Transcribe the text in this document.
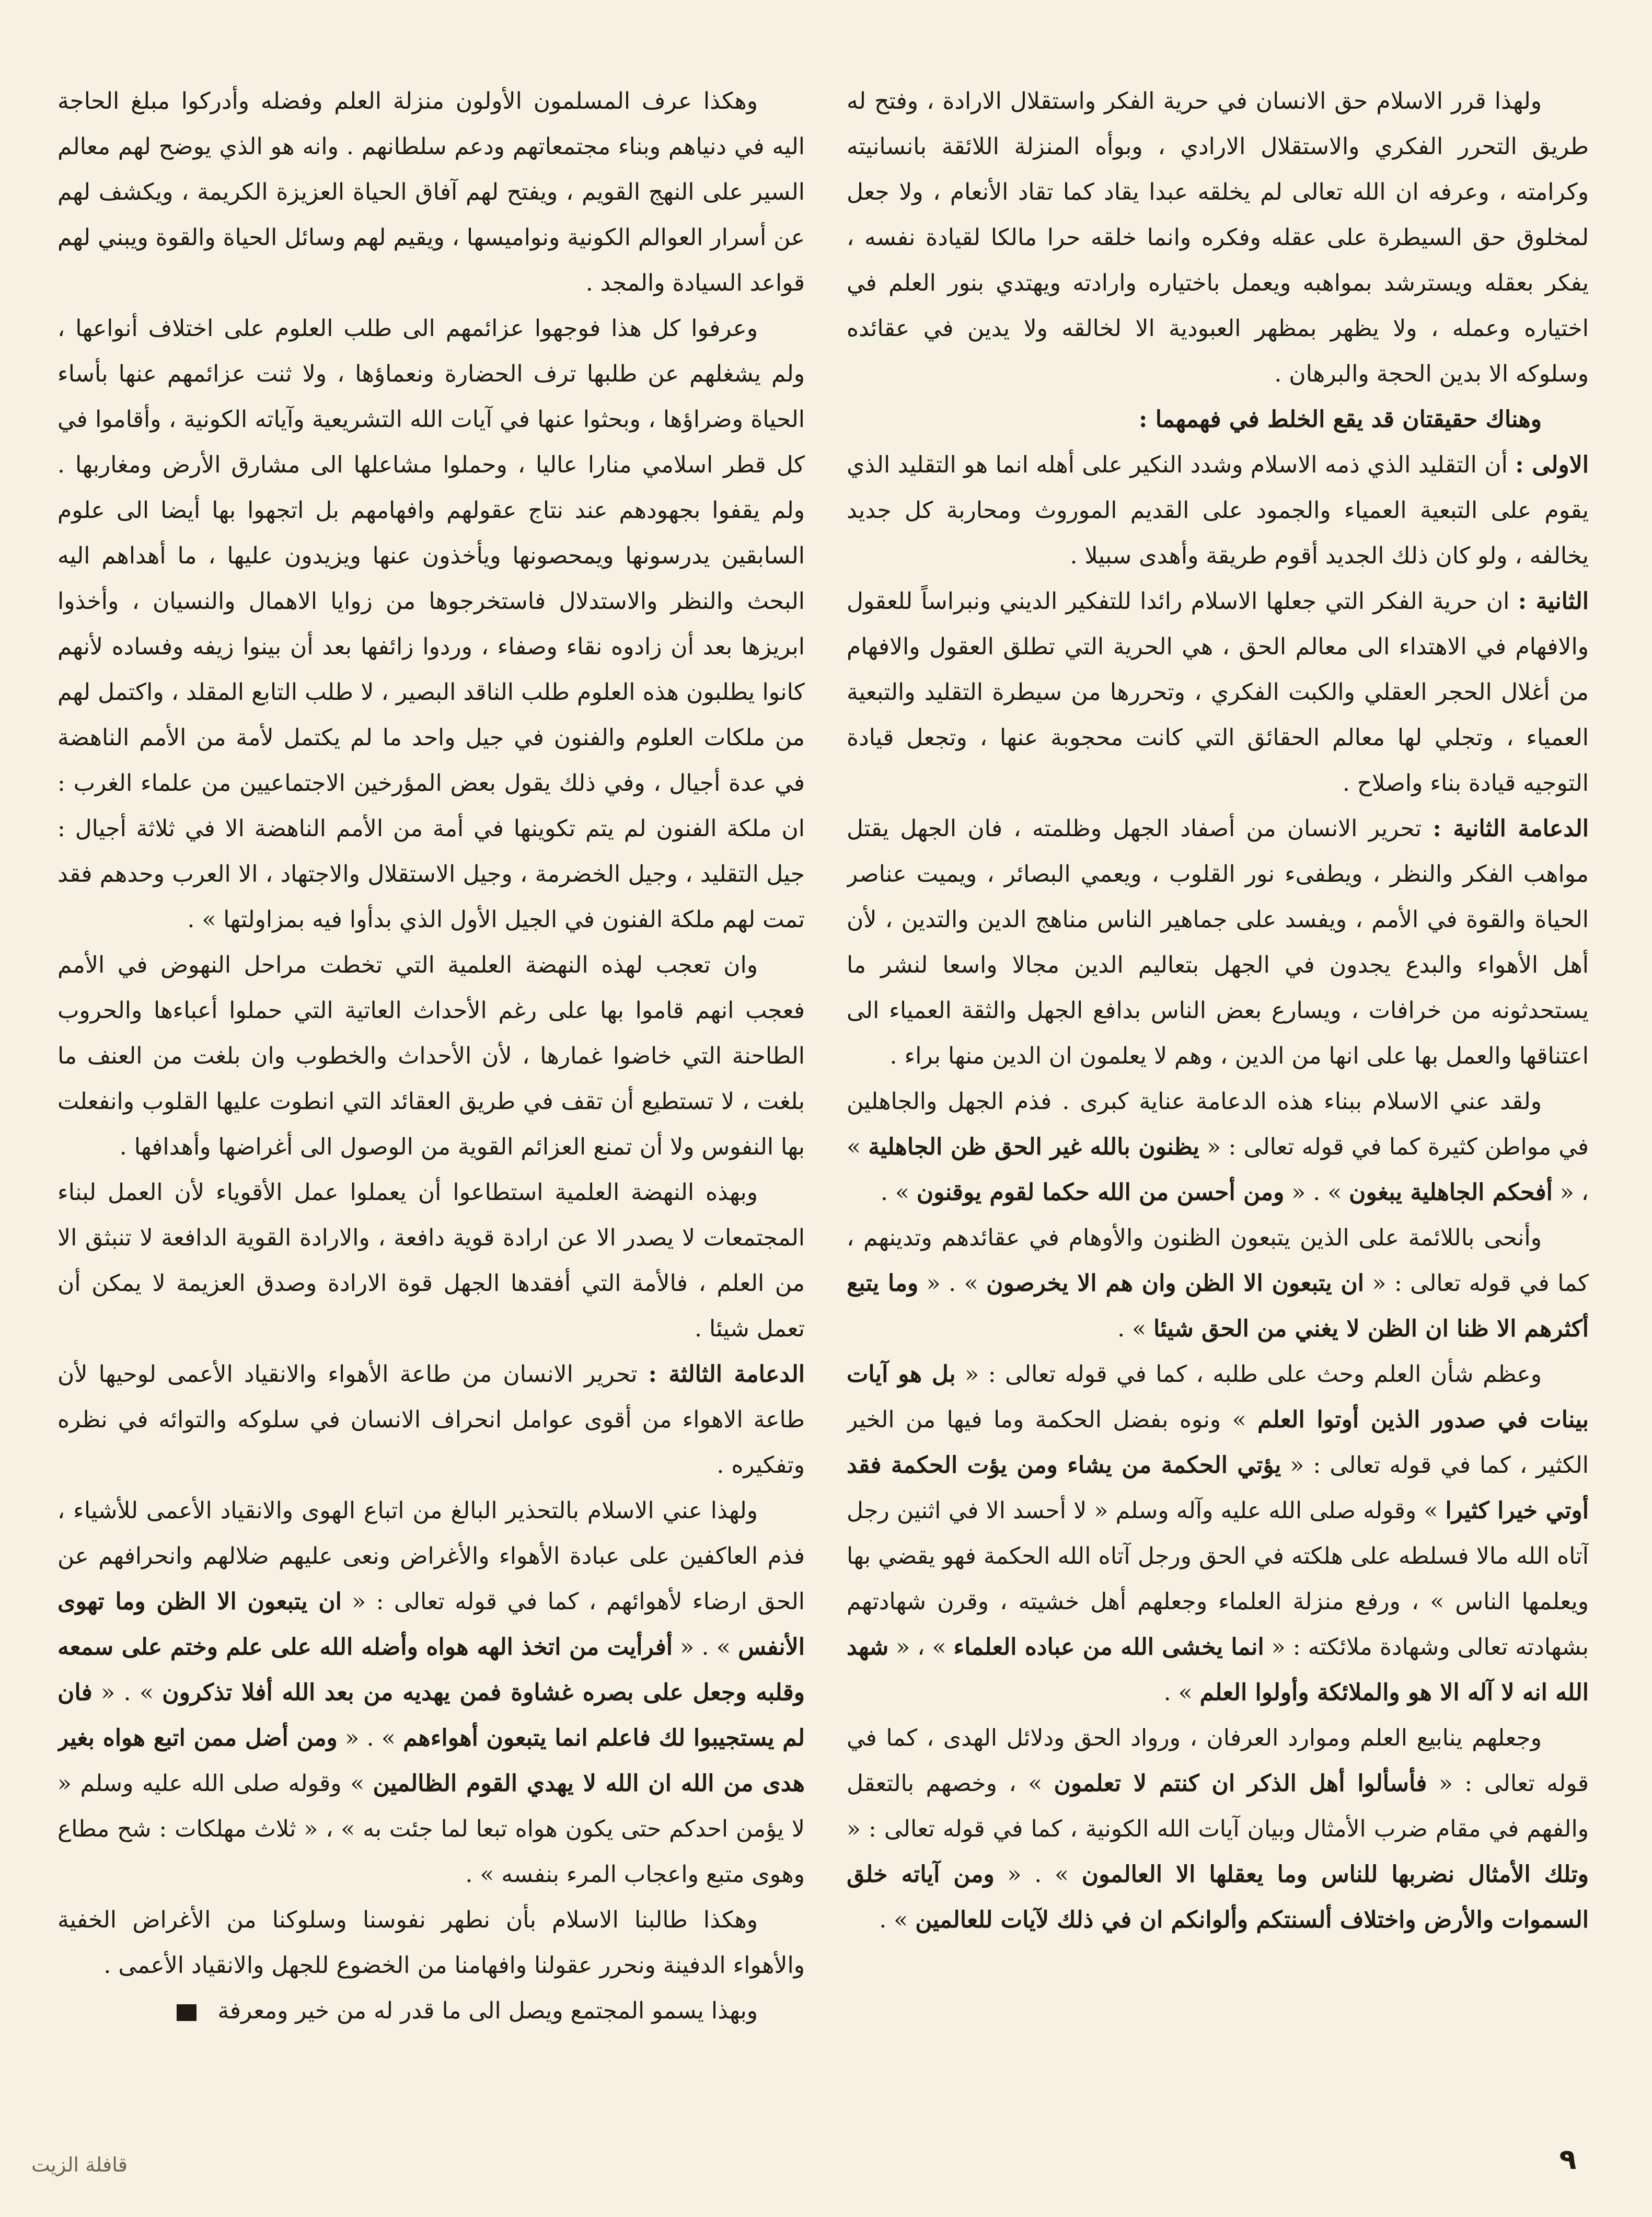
ولهذا قرر الاسلام حق الانسان في حرية الفكر واستقلال الارادة ، وفتح له طريق التحرر الفكري والاستقلال الارادي ، وبوأه المنزلة اللائقة بانسانيته وكرامته ، وعرفه ان الله تعالى لم يخلقه عبدا يقاد كما تقاد الأنعام ، ولا جعل لمخلوق حق السيطرة على عقله وفكره وانما خلقه حرا مالكا لقيادة نفسه ، يفكر بعقله ويسترشد بمواهبه ويعمل باختياره وارادته ويهتدي بنور العلم في اختياره وعمله ، ولا يظهر بمظهر العبودية الا لخالقه ولا يدين في عقائده وسلوكه الا بدين الحجة والبرهان .

وهناك حقيقتان قد يقع الخلط في فهمهما :

الاولى : أن التقليد الذي ذمه الاسلام وشدد النكير على أهله انما هو التقليد الذي يقوم على التبعية العمياء والجمود على القديم الموروث ومحاربة كل جديد يخالفه ، ولو كان ذلك الجديد أقوم طريقة وأهدى سبيلا .

الثانية : ان حرية الفكر التي جعلها الاسلام رائدا للتفكير الديني ونبراساً للعقول والافهام في الاهتداء الى معالم الحق ، هي الحرية التي تطلق العقول والافهام من أغلال الحجر العقلي والكبت الفكري ، وتحررها من سيطرة التقليد والتبعية العمياء ، وتجلي لها معالم الحقائق التي كانت محجوبة عنها ، وتجعل قيادة التوجيه قيادة بناء واصلاح .

الدعامة الثانية : تحرير الانسان من أصفاد الجهل وظلمته ، فان الجهل يقتل مواهب الفكر والنظر ، ويطفىء نور القلوب ، ويعمي البصائر ، ويميت عناصر الحياة والقوة في الأمم ، ويفسد على جماهير الناس مناهج الدين والتدين ، لأن أهل الأهواء والبدع يجدون في الجهل بتعاليم الدين مجالا واسعا لنشر ما يستحدثونه من خرافات ، ويسارع بعض الناس بدافع الجهل والثقة العمياء الى اعتناقها والعمل بها على انها من الدين ، وهم لا يعلمون ان الدين منها براء .

ولقد عني الاسلام ببناء هذه الدعامة عناية كبرى . فذم الجهل والجاهلين في مواطن كثيرة كما في قوله تعالى : « يظنون بالله غير الحق ظن الجاهلية » ، « أفحكم الجاهلية يبغون » . « ومن أحسن من الله حكما لقوم يوقنون » .

وأنحى باللائمة على الذين يتبعون الظنون والأوهام في عقائدهم وتدينهم ، كما في قوله تعالى : « ان يتبعون الا الظن وان هم الا يخرصون » . « وما يتبع أكثرهم الا ظنا ان الظن لا يغني من الحق شيئا » .

وعظم شأن العلم وحث على طلبه ، كما في قوله تعالى : « بل هو آيات بينات في صدور الذين أوتوا العلم » ونوه بفضل الحكمة وما فيها من الخير الكثير ، كما في قوله تعالى : « يؤتي الحكمة من يشاء ومن يؤت الحكمة فقد أوتي خيرا كثيرا » وقوله صلى الله عليه وآله وسلم « لا أحسد الا في اثنين رجل آتاه الله مالا فسلطه على هلكته في الحق ورجل آتاه الله الحكمة فهو يقضي بها ويعلمها الناس » ، ورفع منزلة العلماء وجعلهم أهل خشيته ، وقرن شهادتهم بشهادته تعالى وشهادة ملائكته : « انما يخشى الله من عباده العلماء » ، « شهد الله انه لا آله الا هو والملائكة وأولوا العلم » .

وجعلهم ينابيع العلم وموارد العرفان ، ورواد الحق ودلائل الهدى ، كما في قوله تعالى : « فأسألوا أهل الذكر ان كنتم لا تعلمون » ، وخصهم بالتعقل والفهم في مقام ضرب الأمثال وبيان آيات الله الكونية ، كما في قوله تعالى : « وتلك الأمثال نضربها للناس وما يعقلها الا العالمون » . « ومن آياته خلق السموات والأرض واختلاف ألسنتكم وألوانكم ان في ذلك لآيات للعالمين » .

وهكذا عرف المسلمون الأولون منزلة العلم وفضله وأدركوا مبلغ الحاجة اليه في دنياهم وبناء مجتمعاتهم ودعم سلطانهم . وانه هو الذي يوضح لهم معالم السير على النهج القويم ، ويفتح لهم آفاق الحياة العزيزة الكريمة ، ويكشف لهم عن أسرار العوالم الكونية ونواميسها ، ويقيم لهم وسائل الحياة والقوة ويبني لهم قواعد السيادة والمجد .

وعرفوا كل هذا فوجهوا عزائمهم الى طلب العلوم على اختلاف أنواعها ، ولم يشغلهم عن طلبها ترف الحضارة ونعماؤها ، ولا ثنت عزائمهم عنها بأساء الحياة وضراؤها ، وبحثوا عنها في آيات الله التشريعية وآياته الكونية ، وأقاموا في كل قطر اسلامي منارا عاليا ، وحملوا مشاعلها الى مشارق الأرض ومغاربها . ولم يقفوا بجهودهم عند نتاج عقولهم وافهامهم بل اتجهوا بها أيضا الى علوم السابقين يدرسونها ويمحصونها ويأخذون عنها ويزيدون عليها ، ما أهداهم اليه البحث والنظر والاستدلال فاستخرجوها من زوايا الاهمال والنسيان ، وأخذوا ابريزها بعد أن زادوه نقاء وصفاء ، وردوا زائفها بعد أن بينوا زيفه وفساده لأنهم كانوا يطلبون هذه العلوم طلب الناقد البصير ، لا طلب التابع المقلد ، واكتمل لهم من ملكات العلوم والفنون في جيل واحد ما لم يكتمل لأمة من الأمم الناهضة في عدة أجيال ، وفي ذلك يقول بعض المؤرخين الاجتماعيين من علماء الغرب : ان ملكة الفنون لم يتم تكوينها في أمة من الأمم الناهضة الا في ثلاثة أجيال : جيل التقليد ، وجيل الخضرمة ، وجيل الاستقلال والاجتهاد ، الا العرب وحدهم فقد تمت لهم ملكة الفنون في الجيل الأول الذي بدأوا فيه بمزاولتها » .

وان تعجب لهذه النهضة العلمية التي تخطت مراحل النهوض في الأمم فعجب انهم قاموا بها على رغم الأحداث العاتية التي حملوا أعباءها والحروب الطاحنة التي خاضوا غمارها ، لأن الأحداث والخطوب وان بلغت من العنف ما بلغت ، لا تستطيع أن تقف في طريق العقائد التي انطوت عليها القلوب وانفعلت بها النفوس ولا أن تمنع العزائم القوية من الوصول الى أغراضها وأهدافها .

وبهذه النهضة العلمية استطاعوا أن يعملوا عمل الأقوياء لأن العمل لبناء المجتمعات لا يصدر الا عن ارادة قوية دافعة ، والارادة القوية الدافعة لا تنبثق الا من العلم ، فالأمة التي أفقدها الجهل قوة الارادة وصدق العزيمة لا يمكن أن تعمل شيئا .

الدعامة الثالثة : تحرير الانسان من طاعة الأهواء والانقياد الأعمى لوحيها لأن طاعة الاهواء من أقوى عوامل انحراف الانسان في سلوكه والتوائه في نظره وتفكيره .

ولهذا عني الاسلام بالتحذير البالغ من اتباع الهوى والانقياد الأعمى للأشياء ، فذم العاكفين على عبادة الأهواء والأغراض ونعى عليهم ضلالهم وانحرافهم عن الحق ارضاء لأهوائهم ، كما في قوله تعالى : « ان يتبعون الا الظن وما تهوى الأنفس » . « أفرأيت من اتخذ الهه هواه وأضله الله على علم وختم على سمعه وقلبه وجعل على بصره غشاوة فمن يهديه من بعد الله أفلا تذكرون » . « فان لم يستجيبوا لك فاعلم انما يتبعون أهواءهم » . « ومن أضل ممن اتبع هواه بغير هدى من الله ان الله لا يهدي القوم الظالمين » وقوله صلى الله عليه وسلم « لا يؤمن احدكم حتى يكون هواه تبعا لما جئت به » ، « ثلاث مهلكات : شح مطاع وهوى متبع واعجاب المرء بنفسه » .

وهكذا طالبنا الاسلام بأن نطهر نفوسنا وسلوكنا من الأغراض الخفية والأهواء الدفينة ونحرر عقولنا وافهامنا من الخضوع للجهل والانقياد الأعمى .

وبهذا يسمو المجتمع ويصل الى ما قدر له من خير ومعرفة

٩
قافلة الزيت
